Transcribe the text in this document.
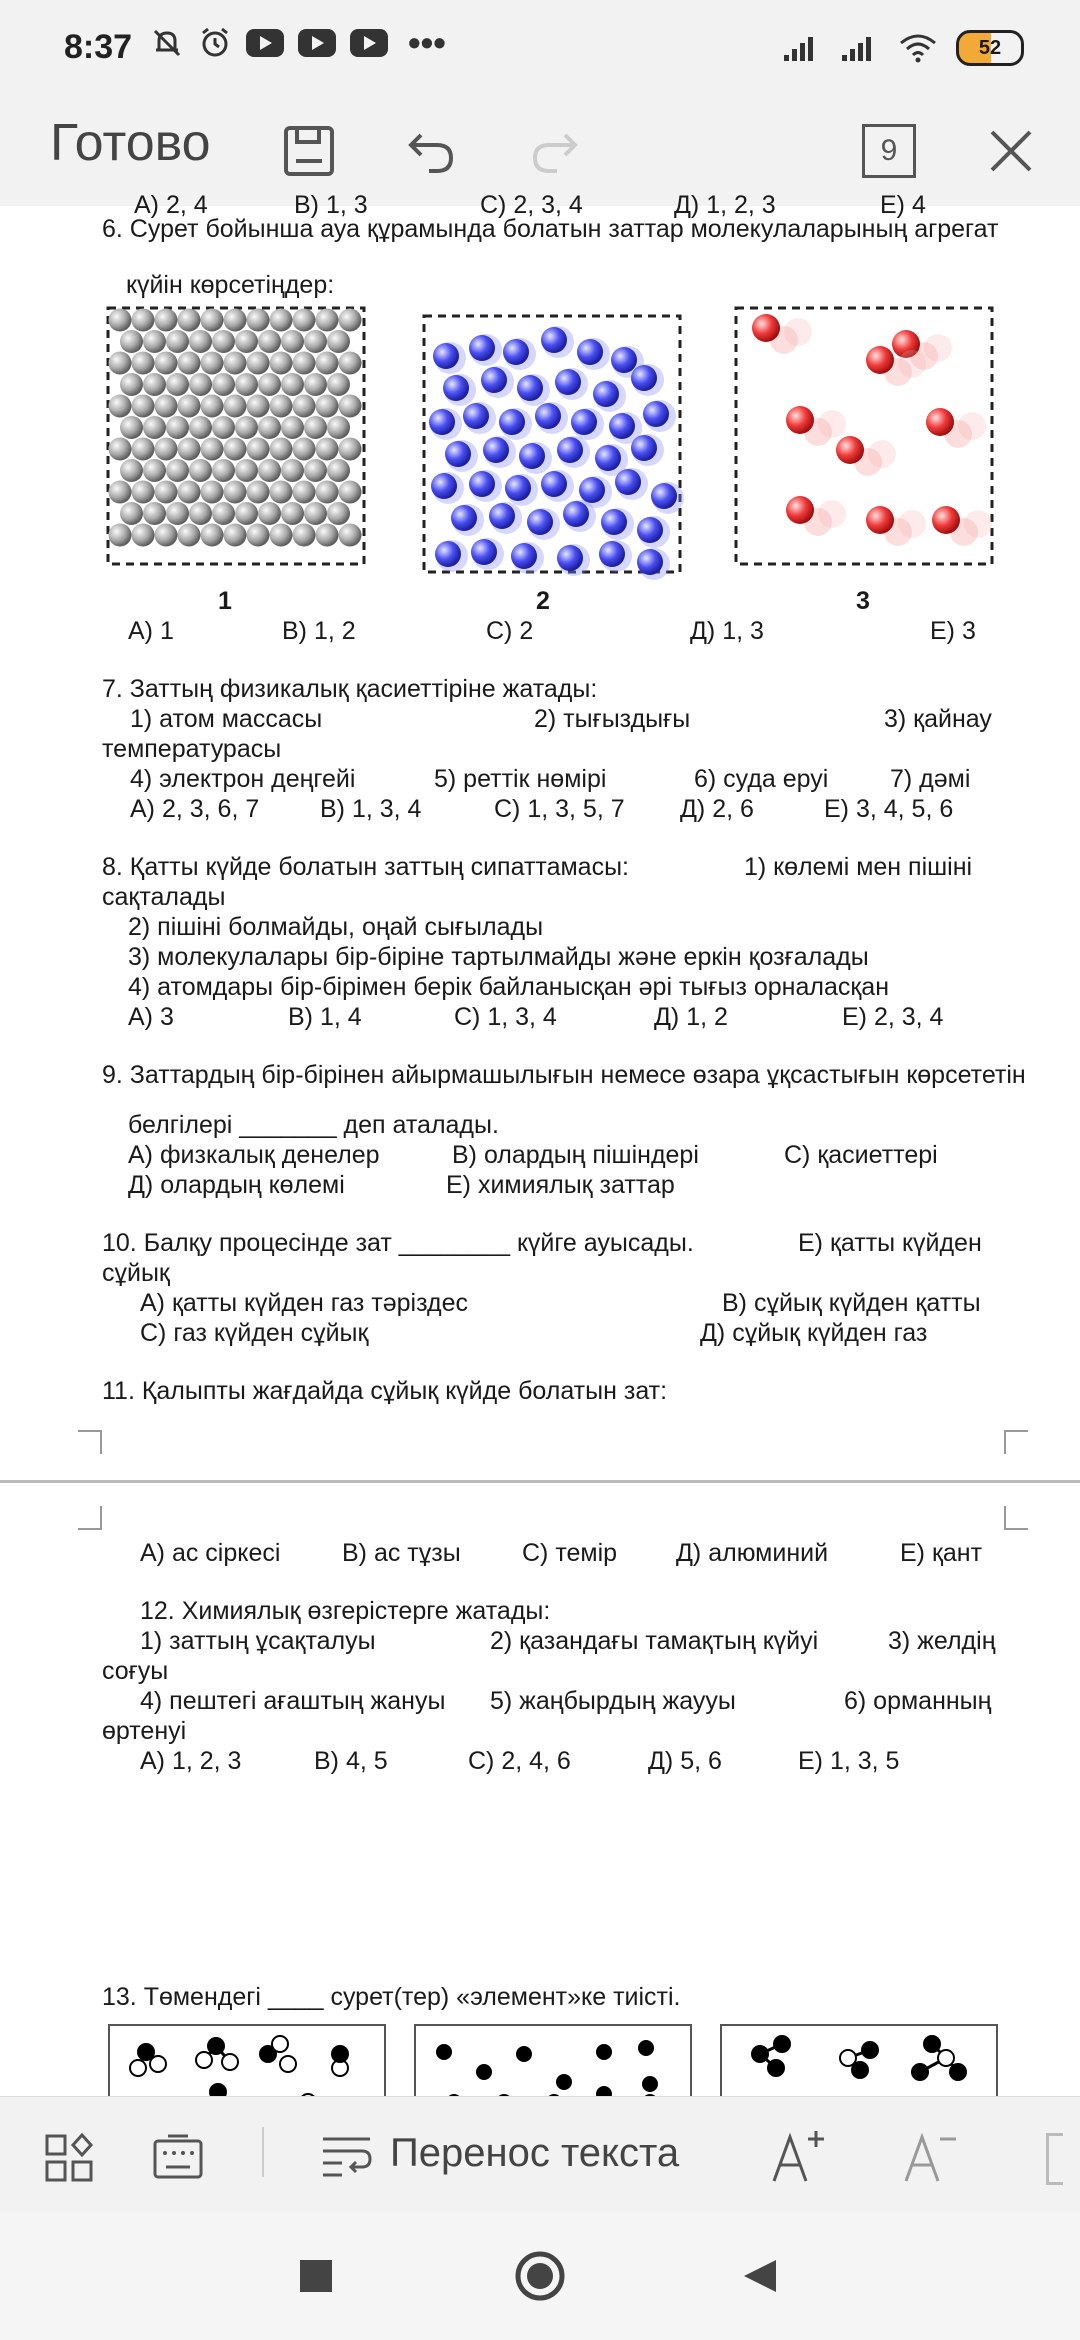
8:37	•••	52
Готово	9
А) 2, 4	В) 1, 3	С) 2, 3, 4	Д) 1, 2, 3	Е) 4
6. Сурет бойынша ауа құрамында болатын заттар молекулаларының агрегат
күйін көрсетіңдер:
1	2	3
А) 1	В) 1, 2	С) 2	Д) 1, 3	Е) 3
7. Заттың физикалық қасиеттіріне жатады:
1) атом массасы	2) тығыздығы	3) қайнау
температурасы
4) электрон деңгейі	5) реттік нөмірі	6) суда еруі 7) дәмі
А) 2, 3, 6, 7 В) 1, 3, 4	С) 1, 3, 5, 7 Д) 2, 6	Е) 3, 4, 5, 6
8. Қатты күйде болатын заттың сипаттамасы:	1) көлемі мен пішіні
сақталады
2) пішіні болмайды, оңай сығылады
3) молекулалары бір-біріне тартылмайды және еркін қозғалады
4) атомдары бір-бірімен берік байланысқан әрі тығыз орналасқан
А) 3	В) 1, 4	С) 1, 3, 4	Д) 1, 2	Е) 2, 3, 4
9. Заттардың бір-бірінен айырмашылығын немесе өзара ұқсастығын көрсететін
белгілері _______ деп аталады.
А) физкалық денелер	В) олардың пішіндері	С) қасиеттері
Д) олардың көлемі	Е) химиялық заттар
10. Балқу процесінде зат ________ күйге ауысады.	Е) қатты күйден
сұйық
А) қатты күйден газ тәріздес	В) сұйық күйден қатты
С) газ күйден сұйық	Д) сұйық күйден газ
11. Қалыпты жағдайда сұйық күйде болатын зат:
А) ас сіркесі В) ас тұзы С) темір Д) алюминий	Е) қант
12. Химиялық өзгерістерге жатады:
1) заттың ұсақталуы	2) қазандағы тамақтың күйуі	3) желдің
соғуы
4) пештегі ағаштың жануы 5) жаңбырдың жаууы	6) орманның
өртенуі
А) 1, 2, 3	В) 4, 5	С) 2, 4, 6	Д) 5, 6	Е) 1, 3, 5
13. Төмендегі ____ сурет(тер) «элемент»ке тиісті.
Перенос текста
